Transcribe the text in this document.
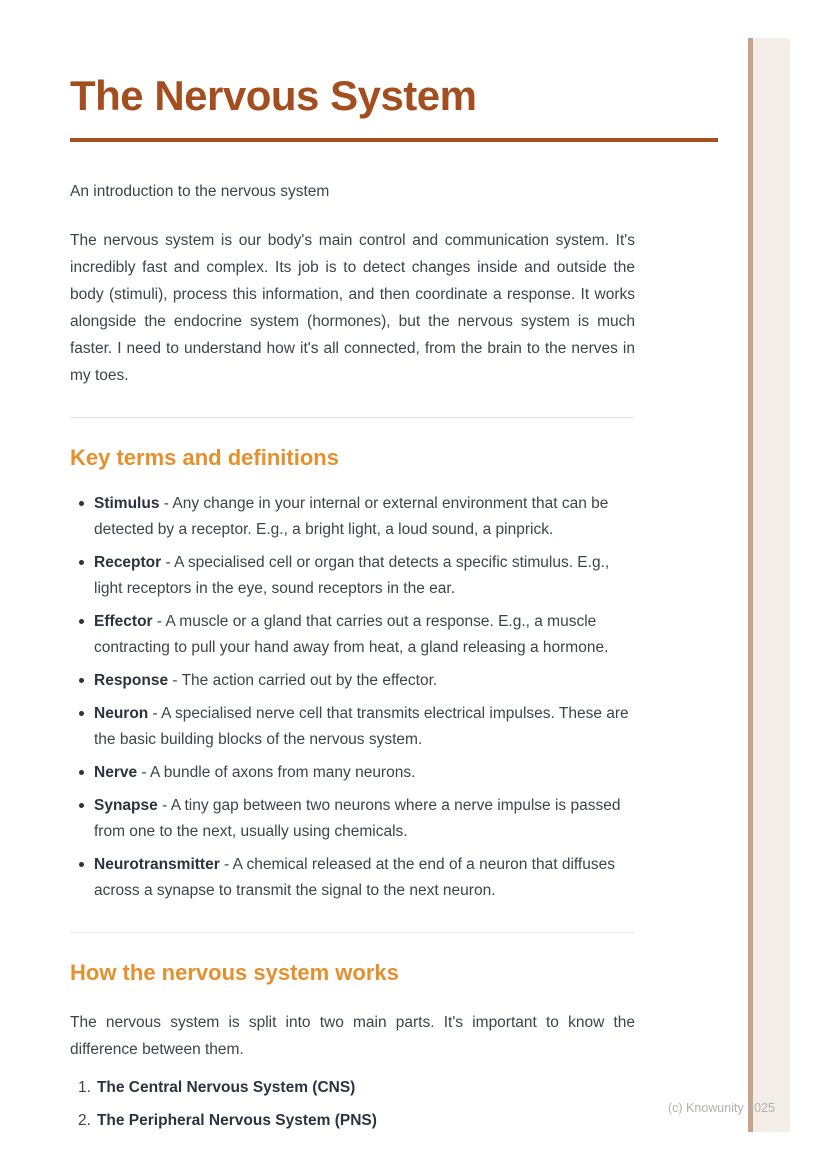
The Nervous System

An introduction to the nervous system

The nervous system is our body's main control and communication system. It's incredibly fast and complex. Its job is to detect changes inside and outside the body (stimuli), process this information, and then coordinate a response. It works alongside the endocrine system (hormones), but the nervous system is much faster. I need to understand how it's all connected, from the brain to the nerves in my toes.

Key terms and definitions
Stimulus - Any change in your internal or external environment that can be detected by a receptor. E.g., a bright light, a loud sound, a pinprick.
Receptor - A specialised cell or organ that detects a specific stimulus. E.g., light receptors in the eye, sound receptors in the ear.
Effector - A muscle or a gland that carries out a response. E.g., a muscle contracting to pull your hand away from heat, a gland releasing a hormone.
Response - The action carried out by the effector.
Neuron - A specialised nerve cell that transmits electrical impulses. These are the basic building blocks of the nervous system.
Nerve - A bundle of axons from many neurons.
Synapse - A tiny gap between two neurons where a nerve impulse is passed from one to the next, usually using chemicals.
Neurotransmitter - A chemical released at the end of a neuron that diffuses across a synapse to transmit the signal to the next neuron.
How the nervous system works

The nervous system is split into two main parts. It's important to know the difference between them.

1. The Central Nervous System (CNS)
2. The Peripheral Nervous System (PNS)
(c) Knowunity 2025
